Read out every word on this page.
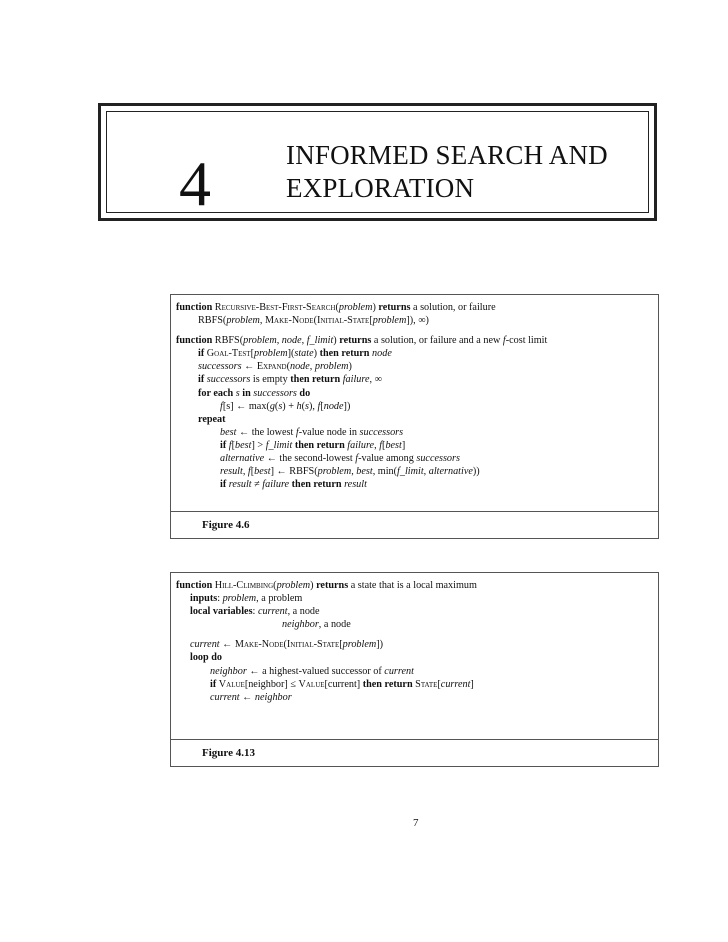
4	INFORMED SEARCH AND
EXPLORATION
function Recursive-Best-First-Search(problem) returns a solution, or failure
RBFS(problem, Make-Node(Initial-State[problem]), ∞)
function RBFS(problem, node, f_limit) returns a solution, or failure and a new f-cost limit
if Goal-Test[problem](state) then return node
successors ← Expand(node, problem)
if successors is empty then return failure, ∞
for each s in successors do
f[s] ← max(g(s) + h(s), f[node])
repeat
best ← the lowest f-value node in successors
if f[best] > f_limit then return failure, f[best]
alternative ← the second-lowest f-value among successors
result, f[best] ← RBFS(problem, best, min(f_limit, alternative))
if result ≠ failure then return result
Figure 4.6
function Hill-Climbing(problem) returns a state that is a local maximum
inputs: problem, a problem
local variables: current, a node
neighbor, a node
current ← Make-Node(Initial-State[problem])
loop do
neighbor ← a highest-valued successor of current
if Value[neighbor] ≤ Value[current] then return State[current]
current ← neighbor
Figure 4.13
7
